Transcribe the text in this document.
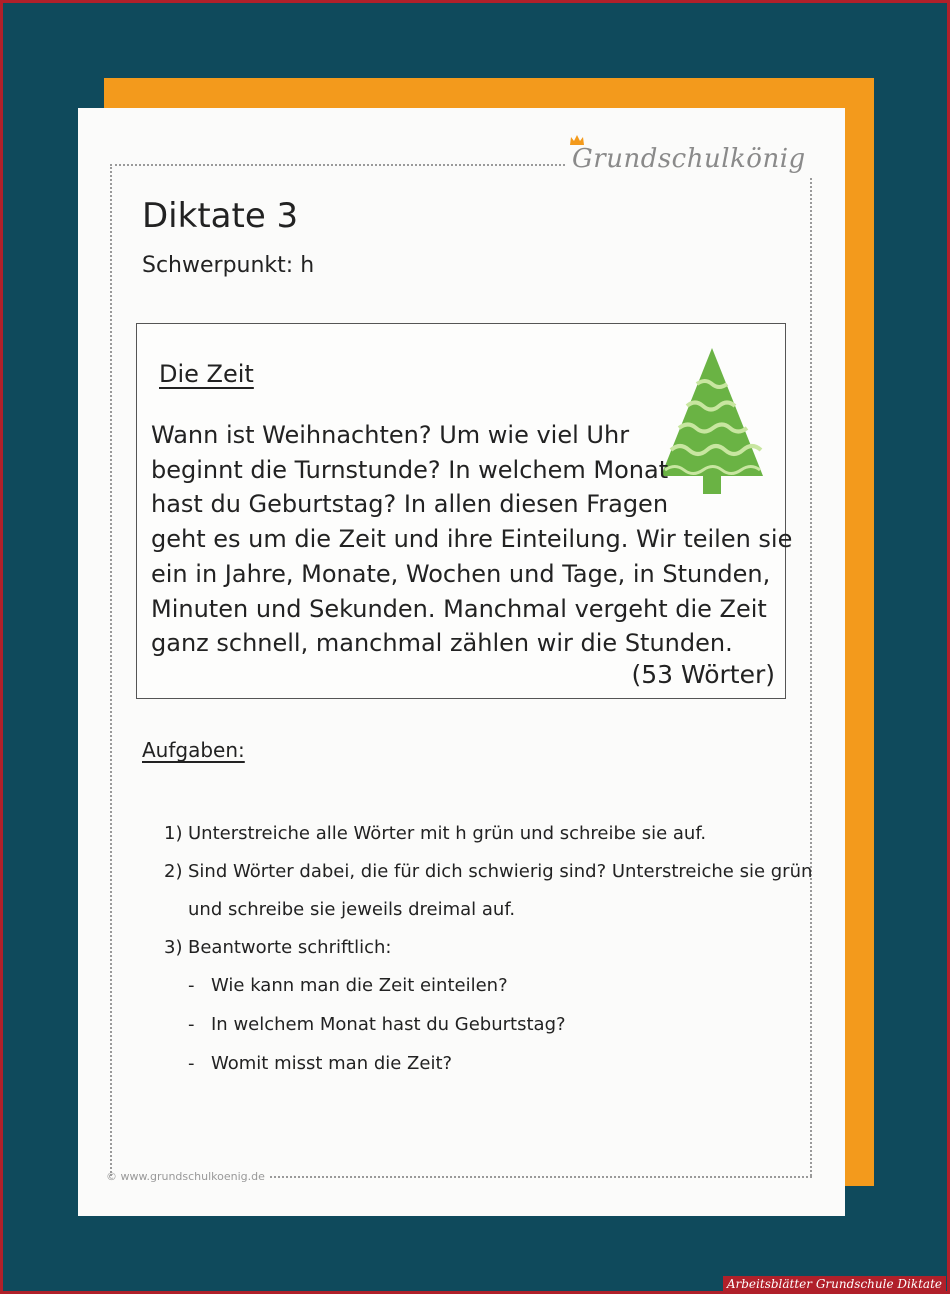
Grundschulkönig
Diktate 3
Schwerpunkt: h
Die Zeit
Wann ist Weihnachten? Um wie viel Uhr
beginnt die Turnstunde? In welchem Monat
hast du Geburtstag? In allen diesen Fragen
geht es um die Zeit und ihre Einteilung. Wir teilen sie
ein in Jahre, Monate, Wochen und Tage, in Stunden,
Minuten und Sekunden. Manchmal vergeht die Zeit
ganz schnell, manchmal zählen wir die Stunden.
(53 Wörter)
Aufgaben:
1) Unterstreiche alle Wörter mit h grün und schreibe sie auf.
2) Sind Wörter dabei, die für dich schwierig sind? Unterstreiche sie grün
und schreibe sie jeweils dreimal auf.
3) Beantworte schriftlich:
- Wie kann man die Zeit einteilen?
- In welchem Monat hast du Geburtstag?
- Womit misst man die Zeit?
© www.grundschulkoenig.de
Arbeitsblätter Grundschule Diktate
